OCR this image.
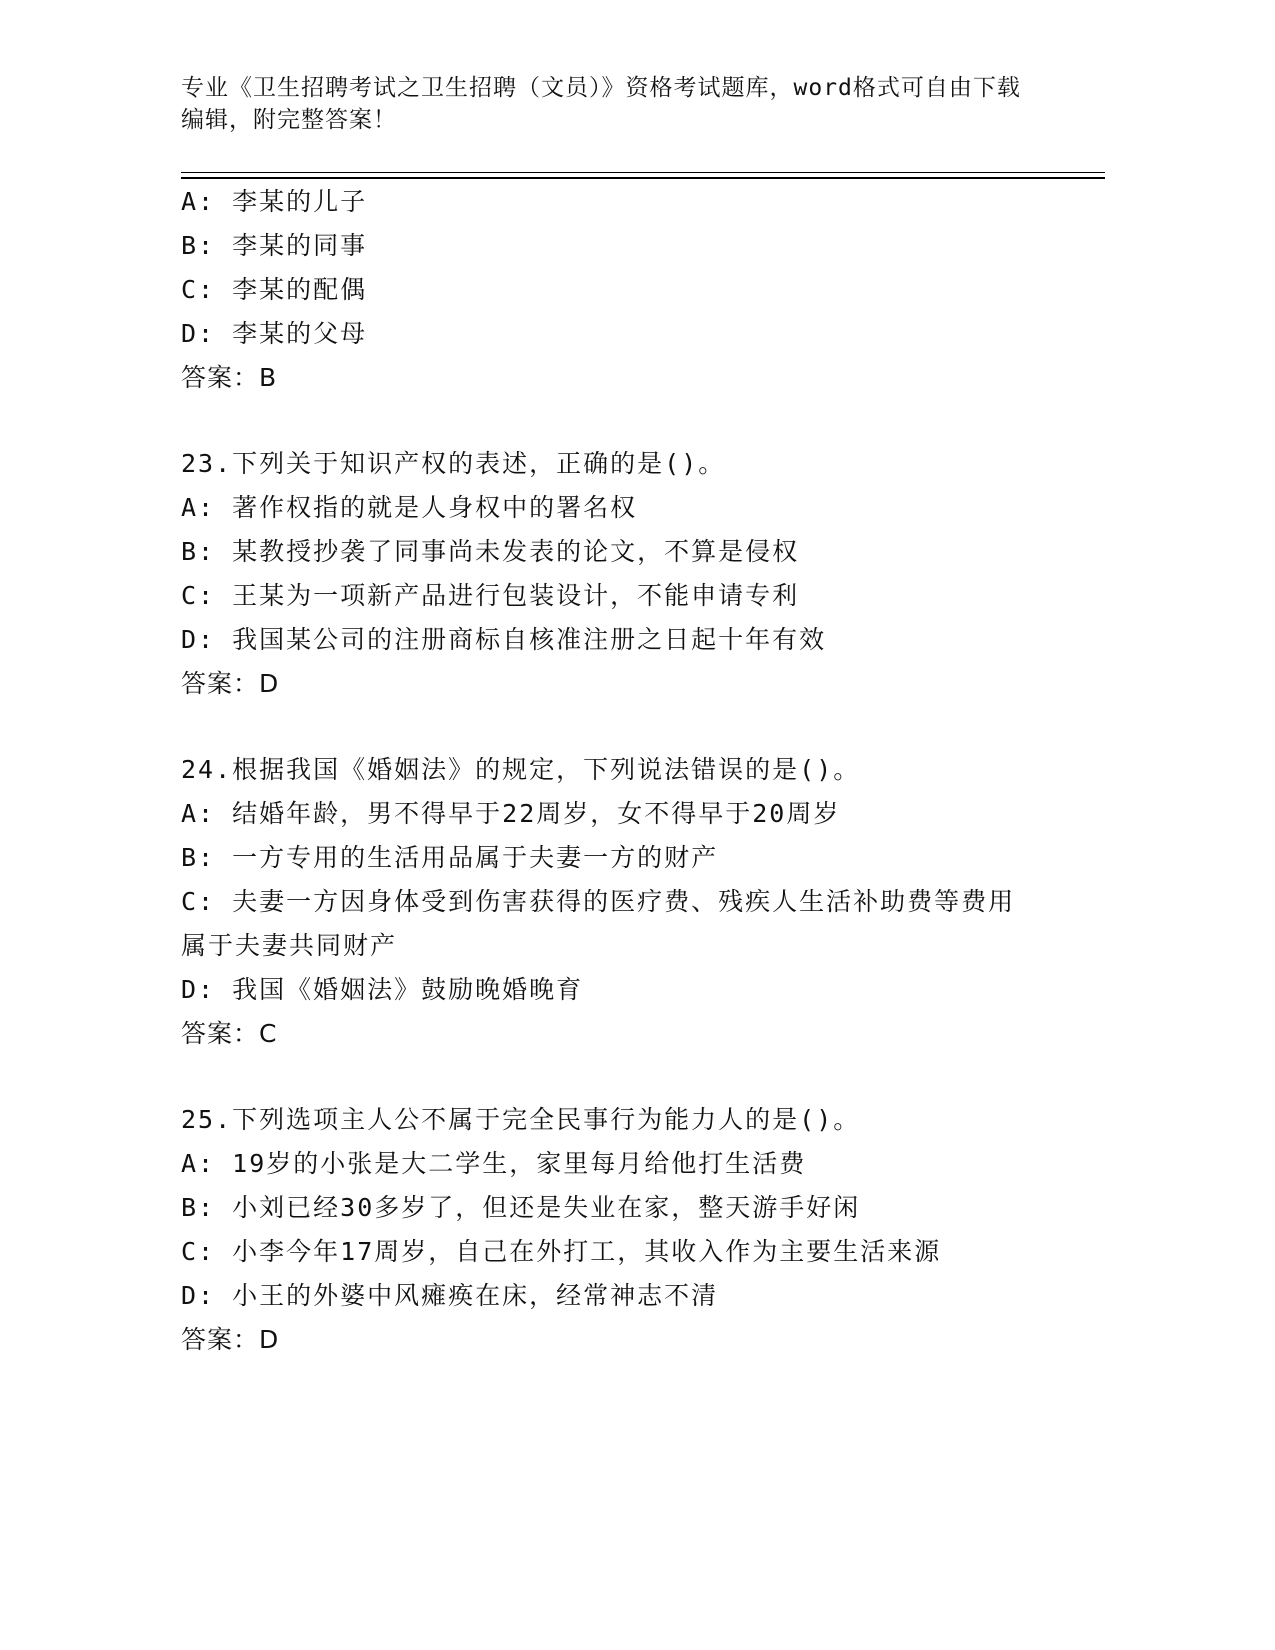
专业《卫生招聘考试之卫生招聘（文员）》资格考试题库，word格式可自由下载
编辑，附完整答案！
A: 李某的儿子
B: 李某的同事
C: 李某的配偶
D: 李某的父母
答案：B
23.下列关于知识产权的表述，正确的是()。
A: 著作权指的就是人身权中的署名权
B: 某教授抄袭了同事尚未发表的论文，不算是侵权
C: 王某为一项新产品进行包装设计，不能申请专利
D: 我国某公司的注册商标自核准注册之日起十年有效
答案：D
24.根据我国《婚姻法》的规定，下列说法错误的是()。
A: 结婚年龄，男不得早于22周岁，女不得早于20周岁
B: 一方专用的生活用品属于夫妻一方的财产
C: 夫妻一方因身体受到伤害获得的医疗费、残疾人生活补助费等费用
属于夫妻共同财产
D: 我国《婚姻法》鼓励晚婚晚育
答案：C
25.下列选项主人公不属于完全民事行为能力人的是()。
A: 19岁的小张是大二学生，家里每月给他打生活费
B: 小刘已经30多岁了，但还是失业在家，整天游手好闲
C: 小李今年17周岁，自己在外打工，其收入作为主要生活来源
D: 小王的外婆中风瘫痪在床，经常神志不清
答案：D
